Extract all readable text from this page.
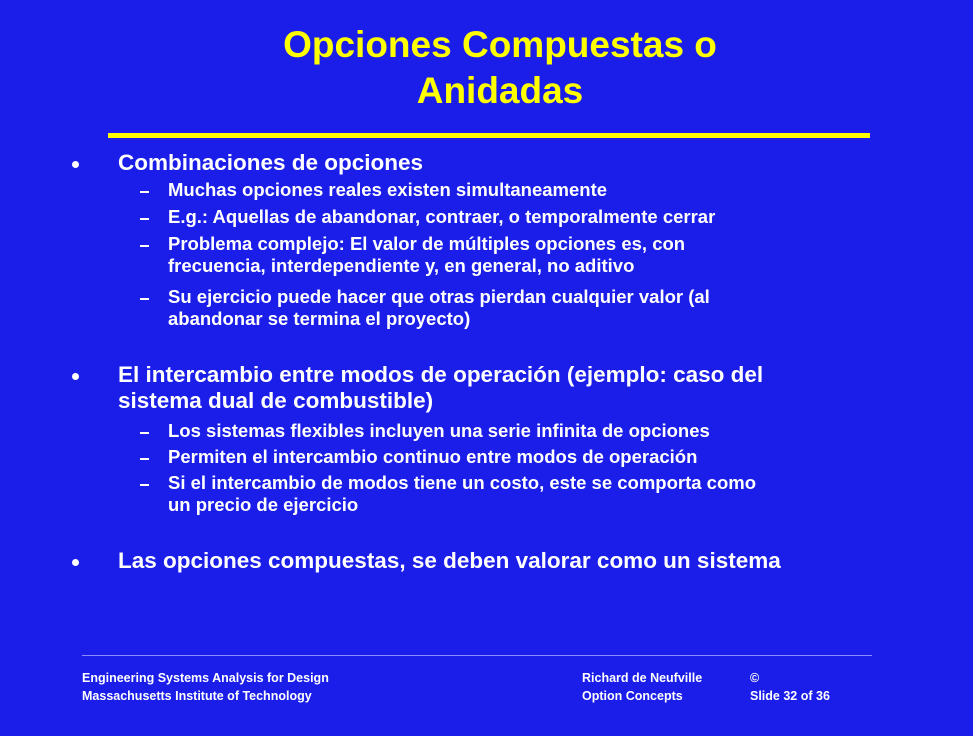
Opciones Compuestas o
Anidadas
Combinaciones de opciones
Muchas opciones reales existen simultaneamente
E.g.: Aquellas de abandonar, contraer, o temporalmente cerrar
Problema complejo: El valor de múltiples opciones es, con
frecuencia, interdependiente y, en general, no aditivo
Su ejercicio puede hacer que otras pierdan cualquier valor (al
abandonar se termina el proyecto)
El intercambio entre modos de operación (ejemplo: caso del
sistema dual de combustible)
Los sistemas flexibles incluyen una serie infinita de opciones
Permiten el intercambio continuo entre modos de operación
Si el intercambio de modos tiene un costo, este se comporta como
un precio de ejercicio
Las opciones compuestas, se deben valorar como un sistema
Engineering Systems Analysis for Design
Massachusetts Institute of Technology
Richard de Neufville
Option Concepts
©
Slide 32 of 36
